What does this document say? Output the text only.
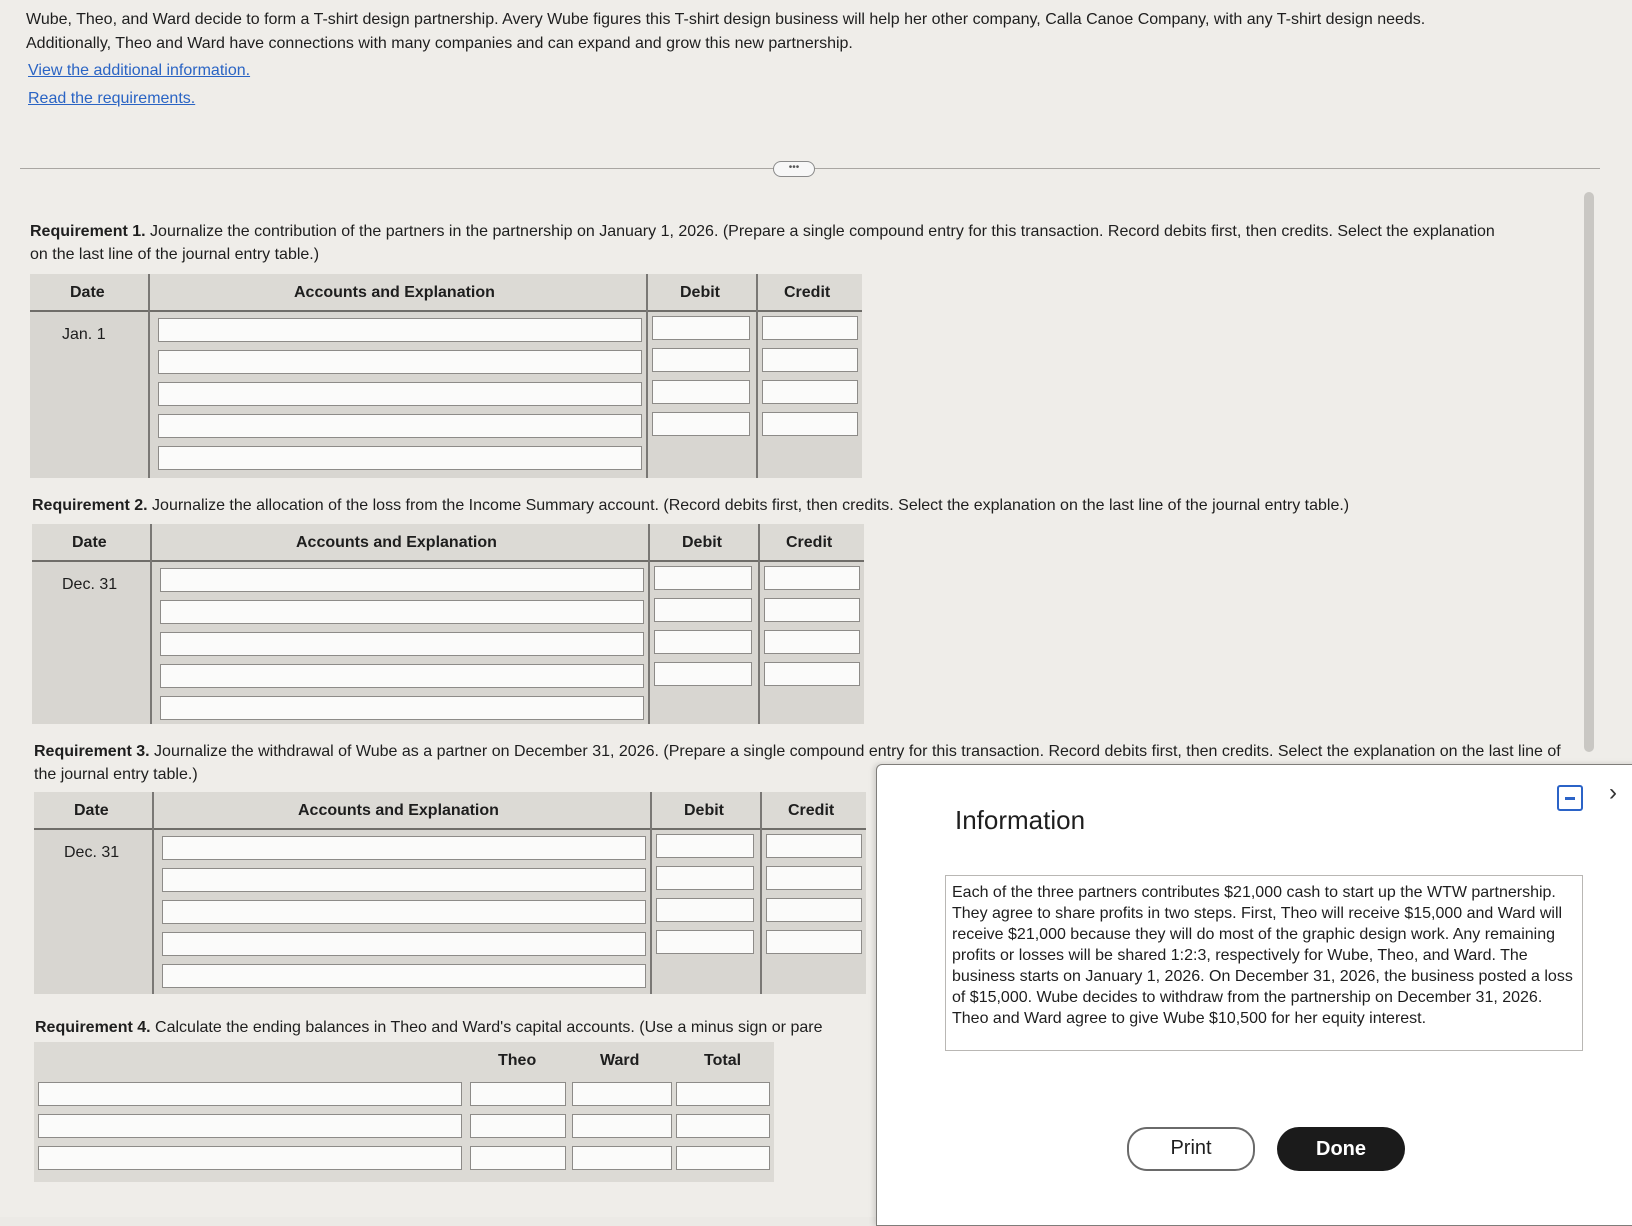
Wube, Theo, and Ward decide to form a T-shirt design partnership. Avery Wube figures this T-shirt design business will help her other company, Calla Canoe Company, with any T-shirt design needs. Additionally, Theo and Ward have connections with many companies and can expand and grow this new partnership.
View the additional information.
Read the requirements.
•••
Requirement 1. Journalize the contribution of the partners in the partnership on January 1, 2026. (Prepare a single compound entry for this transaction. Record debits first, then credits. Select the explanation on the last line of the journal entry table.)
Date	Accounts and Explanation	Debit	Credit
Jan. 1
Requirement 2. Journalize the allocation of the loss from the Income Summary account. (Record debits first, then credits. Select the explanation on the last line of the journal entry table.)
Date	Accounts and Explanation	Debit	Credit
Dec. 31
Requirement 3. Journalize the withdrawal of Wube as a partner on December 31, 2026. (Prepare a single compound entry for this transaction. Record debits first, then credits. Select the explanation on the last line of the journal entry table.)
Date	Accounts and Explanation	Debit	Credit
Dec. 31
Requirement 4. Calculate the ending balances in Theo and Ward's capital accounts. (Use a minus sign or pare
Theo	Ward	Total
Information
›
Each of the three partners contributes $21,000 cash to start up the WTW partnership. They agree to share profits in two steps. First, Theo will receive $15,000 and Ward will receive $21,000 because they will do most of the graphic design work. Any remaining profits or losses will be shared 1:2:3, respectively for Wube, Theo, and Ward. The business starts on January 1, 2026. On December 31, 2026, the business posted a loss of $15,000. Wube decides to withdraw from the partnership on December 31, 2026. Theo and Ward agree to give Wube $10,500 for her equity interest.
Print	Done
